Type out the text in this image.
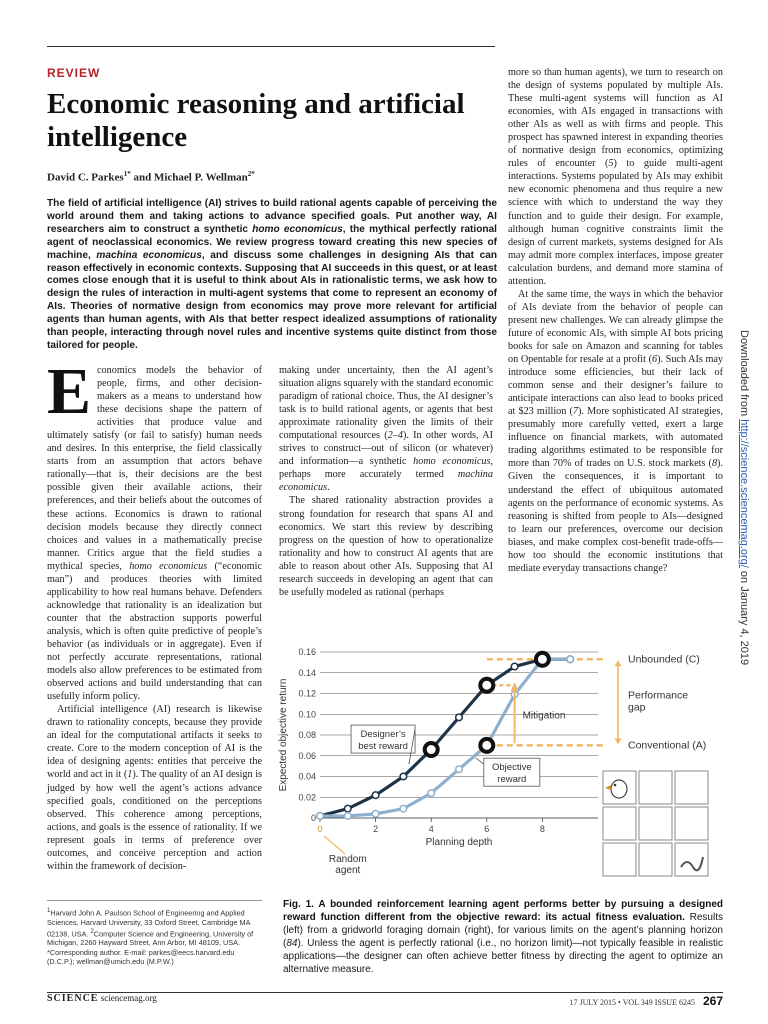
REVIEW
Economic reasoning and artificial intelligence
David C. Parkes$^{1*}$ and Michael P. Wellman$^{2*}$
The field of artificial intelligence (AI) strives to build rational agents capable of perceiving the world around them and taking actions to advance specified goals. Put another way, AI researchers aim to construct a synthetic homo economicus, the mythical perfectly rational agent of neoclassical economics. We review progress toward creating this new species of machine, machina economicus, and discuss some challenges in designing AIs that can reason effectively in economic contexts. Supposing that AI succeeds in this quest, or at least comes close enough that it is useful to think about AIs in rationalistic terms, we ask how to design the rules of interaction in multi-agent systems that come to represent an economy of AIs. Theories of normative design from economics may prove more relevant for artificial agents than human agents, with AIs that better respect idealized assumptions of rationality than people, interacting through novel rules and incentive systems quite distinct from those tailored for people.
E conomics models the behavior of people, firms, and other decision-makers as a means to understand how these decisions shape the pattern of activities that produce value and ultimately satisfy (or fail to satisfy) human needs and desires. In this enterprise, the field classically starts from an assumption that actors behave rationally—that is, their decisions are the best possible given their available actions, their preferences, and their beliefs about the outcomes of these actions. Economics is drawn to rational decision models because they directly connect choices and values in a mathematically precise manner. Critics argue that the field studies a mythical species, homo economicus (“economic man”) and produces theories with limited applicability to how real humans behave. Defenders acknowledge that rationality is an idealization but counter that the abstraction supports powerful analysis, which is often quite predictive of people’s behavior (as individuals or in aggregate). Even if not perfectly accurate representations, rational models also allow preferences to be estimated from observed actions and build understanding that can usefully inform policy.

Artificial intelligence (AI) research is likewise drawn to rationality concepts, because they provide an ideal for the computational artifacts it seeks to create. Core to the modern conception of AI is the idea of designing agents: entities that perceive the world and act in it (1). The quality of an AI design is judged by how well the agent’s actions advance specified goals, conditioned on the perceptions observed. This coherence among perceptions, actions, and goals is the essence of rationality. If we represent goals in terms of preference over outcomes, and conceive perception and action within the framework of decision-

making under uncertainty, then the AI agent’s situation aligns squarely with the standard economic paradigm of rational choice. Thus, the AI designer’s task is to build rational agents, or agents that best approximate rationality given the limits of their computational resources (2–4). In other words, AI strives to construct—out of silicon (or whatever) and information—a synthetic homo economicus, perhaps more accurately termed machina economicus.

The shared rationality abstraction provides a strong foundation for research that spans AI and economics. We start this review by describing progress on the question of how to operationalize rationality and how to construct AI agents that are able to reason about other AIs. Supposing that AI research succeeds in developing an agent that can be usefully modeled as rational (perhaps

more so than human agents), we turn to research on the design of systems populated by multiple AIs. These multi-agent systems will function as AI economies, with AIs engaged in transactions with other AIs as well as with firms and people. This prospect has spawned interest in expanding theories of normative design from economics, optimizing rules of encounter (5) to guide multi-agent interactions. Systems populated by AIs may exhibit new economic phenomena and thus require a new science with which to understand the way they function and to guide their design. For example, although human cognitive constraints limit the design of current markets, systems designed for AIs may admit more complex interfaces, impose greater calculation burdens, and demand more stamina of attention.

At the same time, the ways in which the behavior of AIs deviate from the behavior of people can present new challenges. We can already glimpse the future of economic AIs, with simple AI bots pricing books for sale on Amazon and scanning for tables on Opentable for resale at a profit (6). Such AIs may introduce some efficiencies, but their lack of common sense and their designer’s failure to anticipate interactions can also lead to books priced at $23 million (7). More sophisticated AI strategies, presumably more carefully vetted, exert a large influence on financial markets, with automated trading algorithms estimated to be responsible for more than 70% of trades on U.S. stock markets (8). Given the consequences, it is important to understand the effect of ubiquitous automated agents on the performance of economic systems. As reasoning is shifted from people to AIs—designed to learn our preferences, overcome our decision biases, and make complex cost-benefit trade-offs—how too should the economic institutions that mediate everyday transactions change?

$^1$Harvard John A. Paulson School of Engineering and Applied Sciences, Harvard University, 33 Oxford Street, Cambridge MA 02138, USA. $^2$Computer Science and Engineering, University of Michigan, 2260 Hayward Street, Ann Arbor, MI 48109, USA.
*Corresponding author. E-mail: parkes@eecs.harvard.edu (D.C.P.); wellman@umich.edu (M.P.W.)
0
0.02
0.04
0.06
0.08
0.10
0.12
0.14
0.16
0	2	4	6	8
Planning depth
Expected objective return	Mitigation
Unbounded (C)
Conventional (A)
Performance
gap
Designer’s
best reward
Objective
reward
Random
agent
Fig. 1. A bounded reinforcement learning agent performs better by pursuing a designed reward function different from the objective reward: its actual fitness evaluation. Results (left) from a gridworld foraging domain (right), for various limits on the agent’s planning horizon (84). Unless the agent is perfectly rational (i.e., no horizon limit)—not typically feasible in realistic applications—the designer can often achieve better fitness by directing the agent to optimize an alternative measure.
Downloaded from http://science.sciencemag.org/ on January 4, 2019
SCIENCE sciencemag.org	17 JULY 2015 • VOL 349 ISSUE 6245 267
